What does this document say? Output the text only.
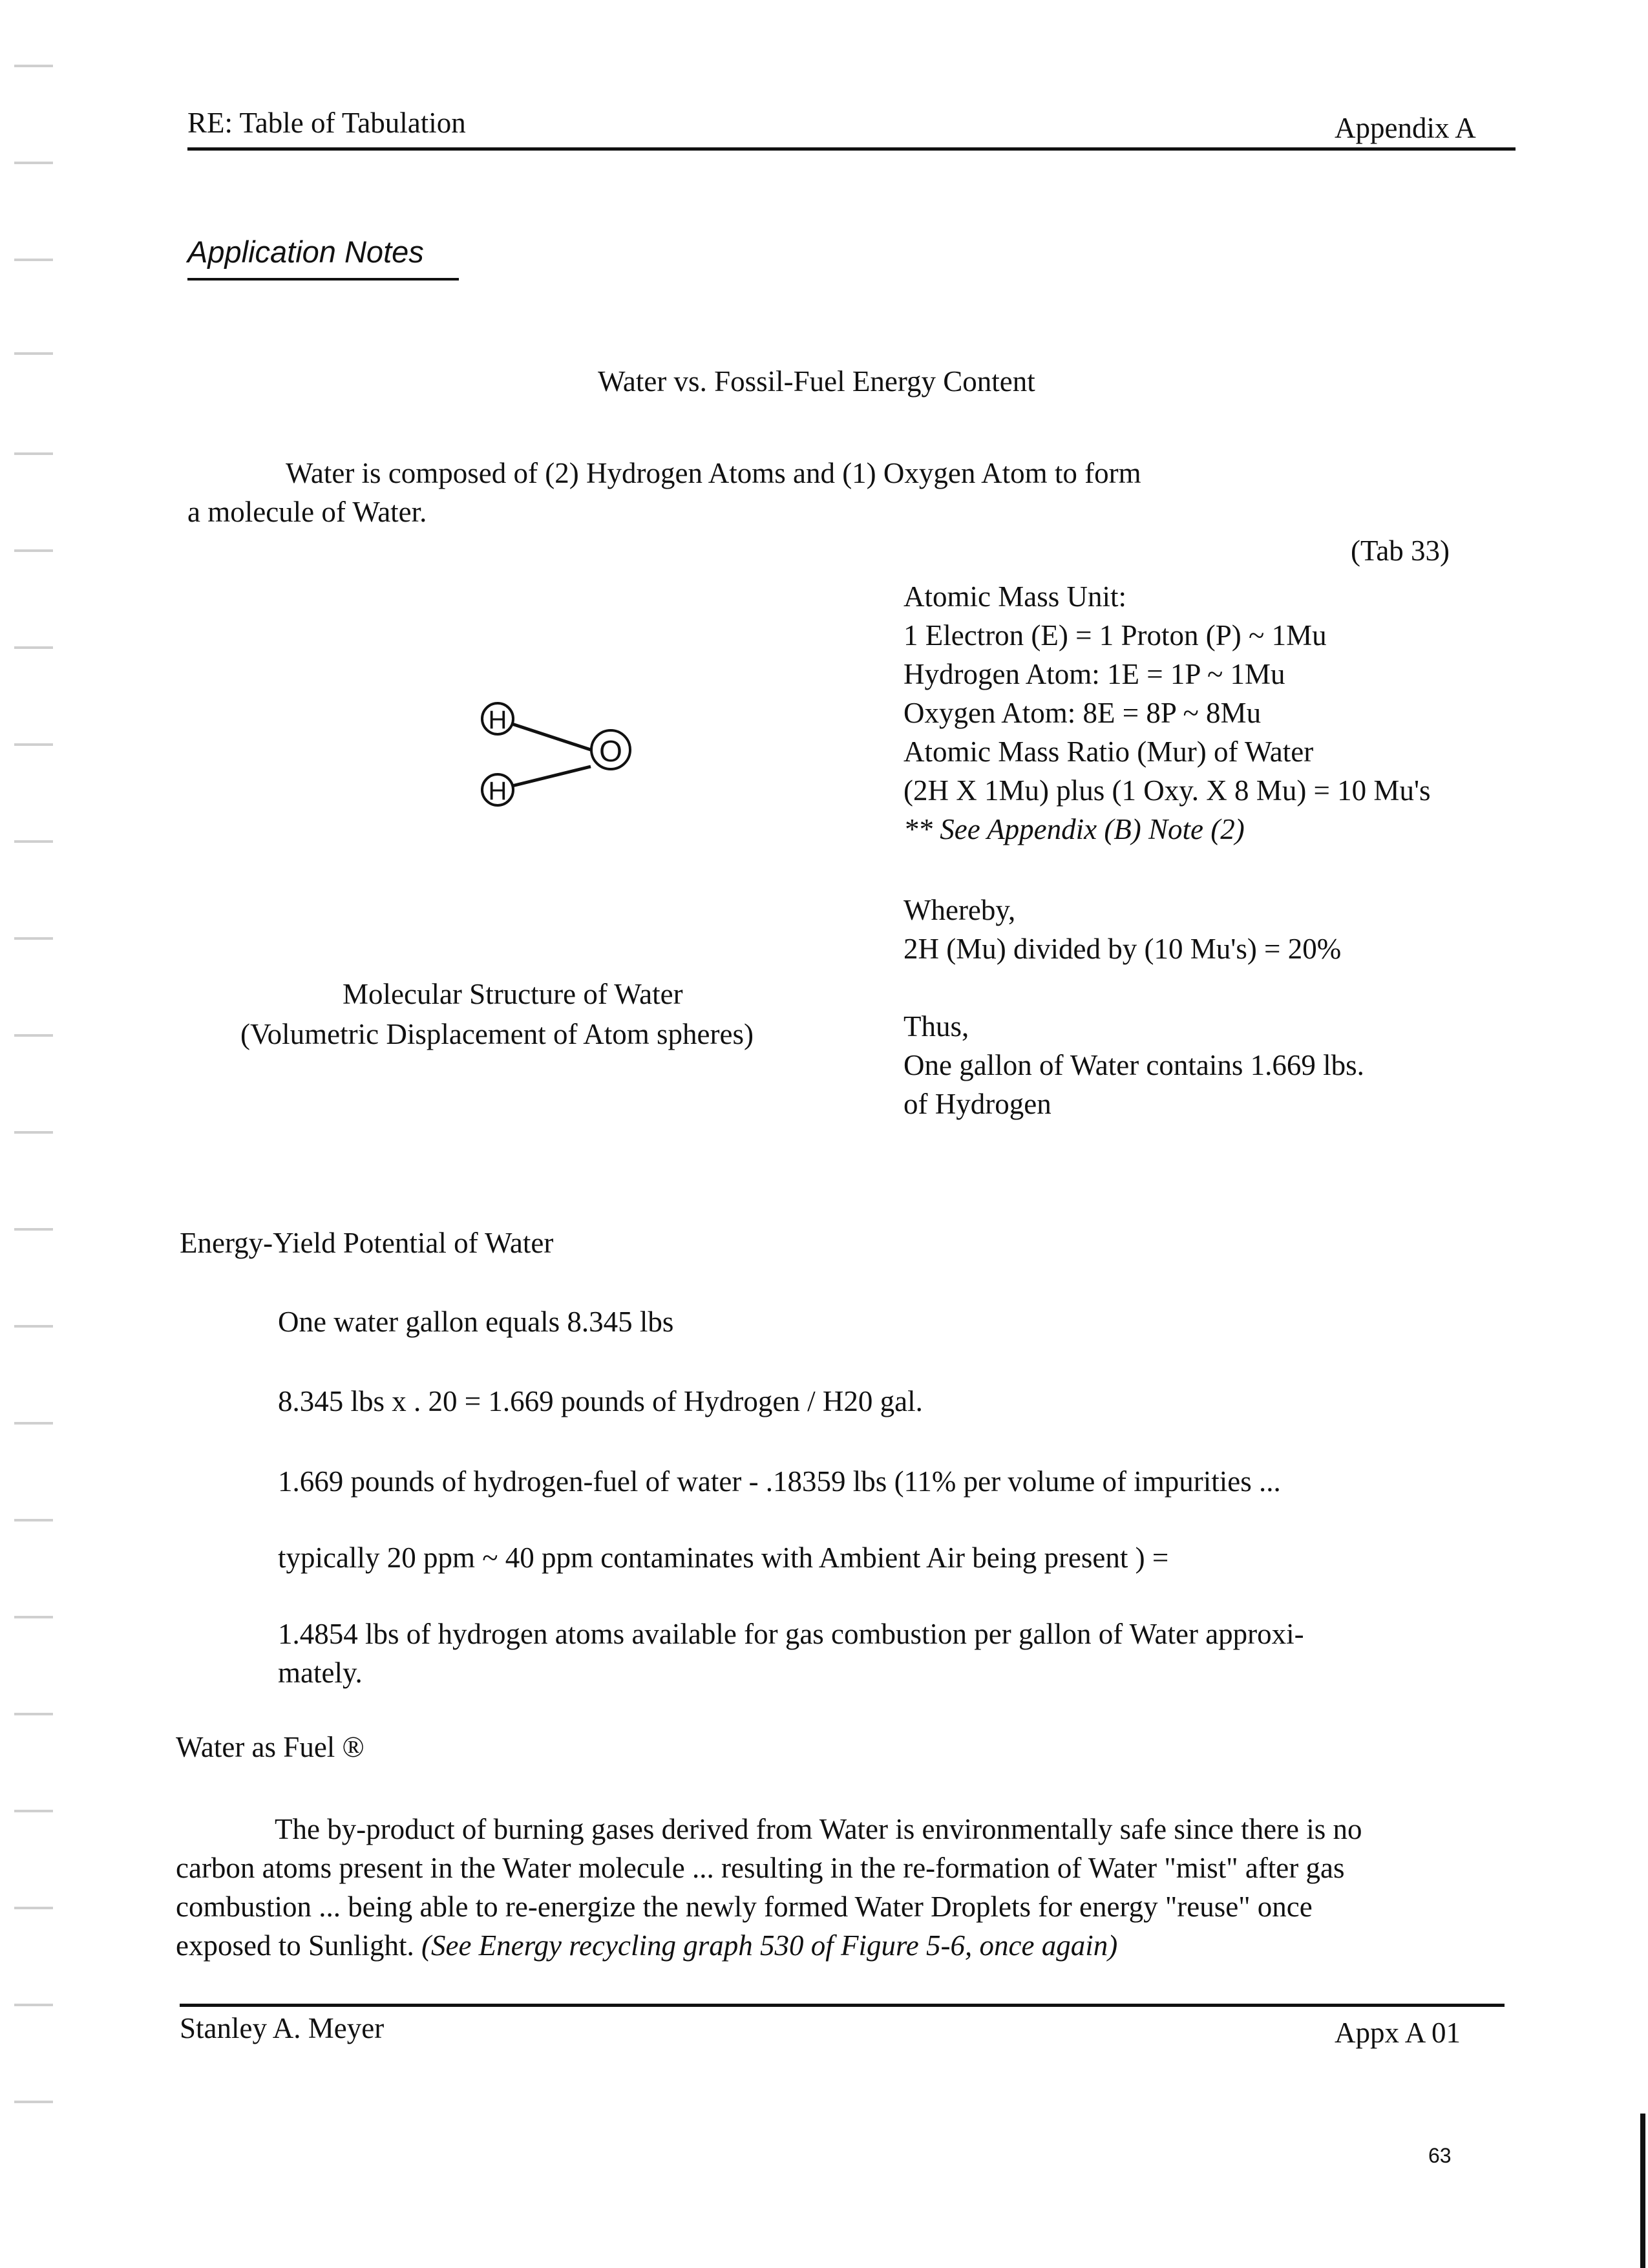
RE: Table of Tabulation	Appendix A
Application Notes
Water vs. Fossil-Fuel Energy Content
Water is composed of (2) Hydrogen Atoms and (1) Oxygen Atom to form
a molecule of Water.
(Tab 33)
H
H
O
Molecular Structure of Water
(Volumetric Displacement of Atom spheres)
Atomic Mass Unit:
1 Electron (E) = 1 Proton (P) ~ 1Mu
Hydrogen Atom: 1E = 1P ~ 1Mu
Oxygen Atom: 8E = 8P ~ 8Mu
Atomic Mass Ratio (Mur) of Water
(2H X 1Mu) plus (1 Oxy. X 8 Mu) = 10 Mu's
** See Appendix (B) Note (2)
Whereby,
2H (Mu) divided by (10 Mu's) = 20%
Thus,
One gallon of Water contains 1.669 lbs.
of Hydrogen
Energy-Yield Potential of Water
One water gallon equals 8.345 lbs
8.345 lbs x . 20 = 1.669 pounds of Hydrogen / H20 gal.
1.669 pounds of hydrogen-fuel of water - .18359 lbs (11% per volume of impurities ...
typically 20 ppm ~ 40 ppm contaminates with Ambient Air being present ) =
1.4854 lbs of hydrogen atoms available for gas combustion per gallon of Water approxi-
mately.
Water as Fuel ®
The by-product of burning gases derived from Water is environmentally safe since there is no
carbon atoms present in the Water molecule ... resulting in the re-formation of Water "mist" after gas
combustion ... being able to re-energize the newly formed Water Droplets for energy "reuse" once
exposed to Sunlight. (See Energy recycling graph 530 of Figure 5-6, once again)
Stanley A. Meyer	Appx A 01
63
